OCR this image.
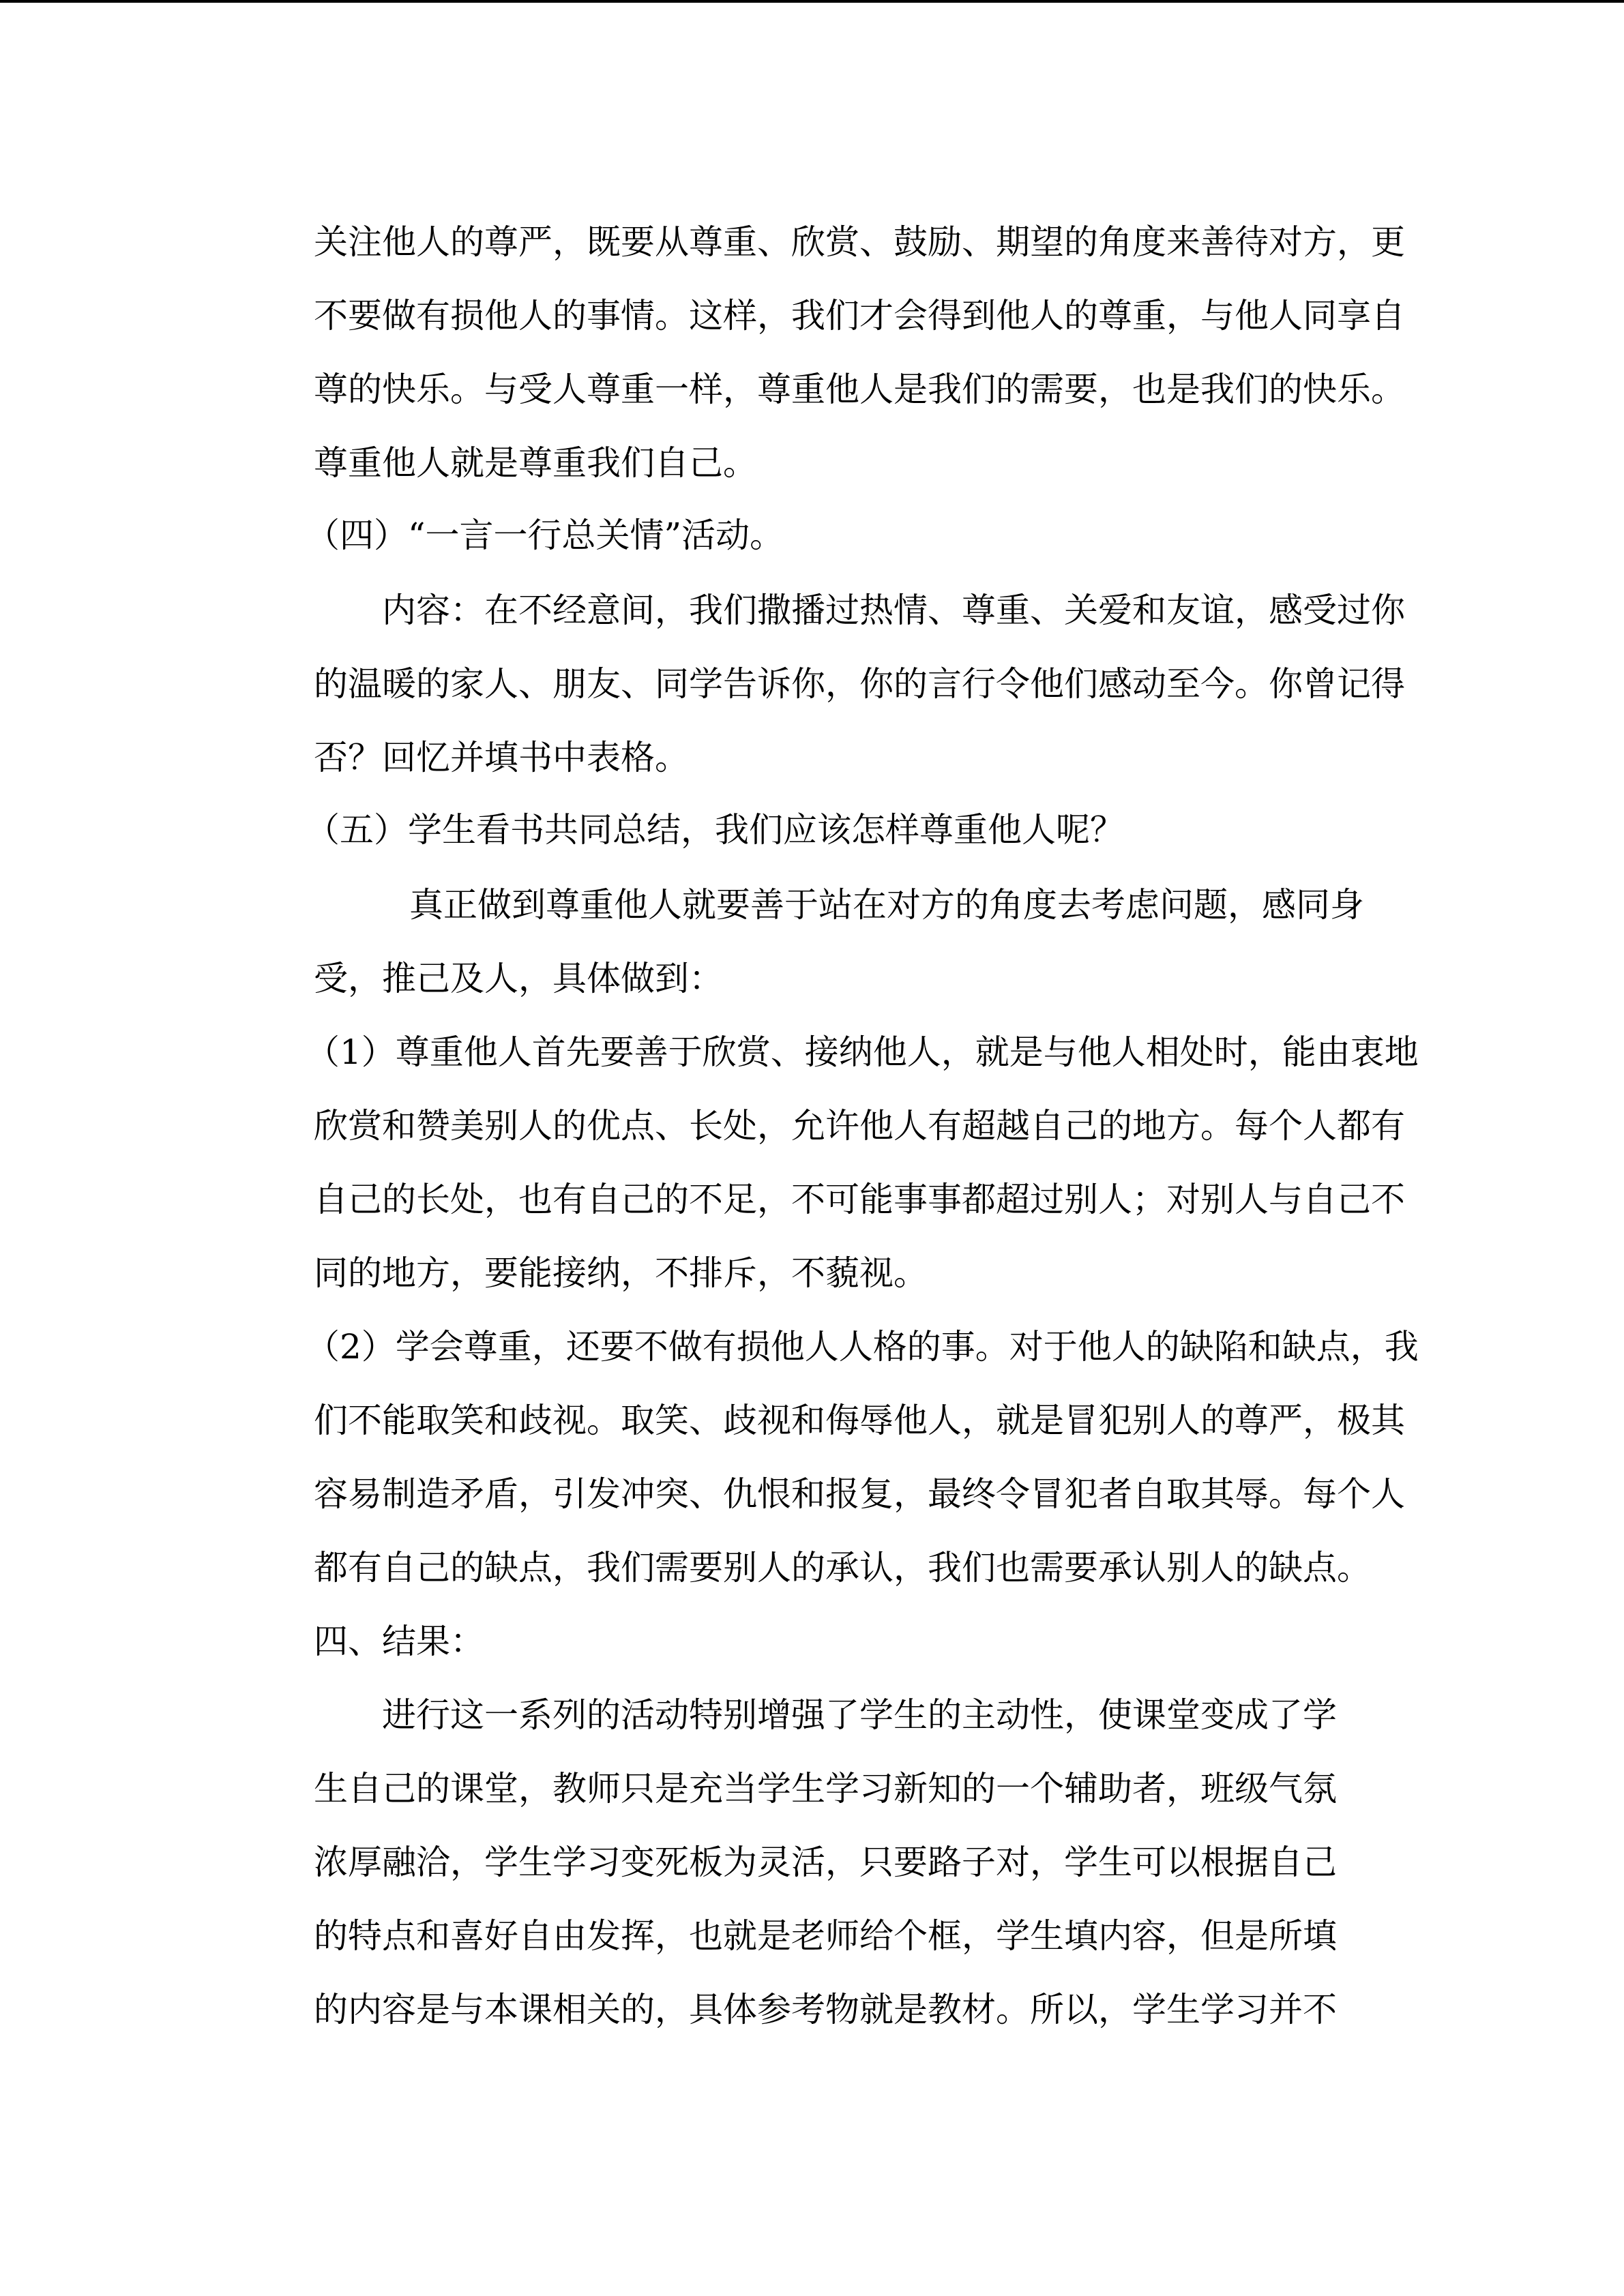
关注他人的尊严，既要从尊重、欣赏、鼓励、期望的角度来善待对方，更
不要做有损他人的事情。这样，我们才会得到他人的尊重，与他人同享自
尊的快乐。与受人尊重一样，尊重他人是我们的需要，也是我们的快乐。
尊重他人就是尊重我们自己。
（四）“一言一行总关情”活动。
内容：在不经意间，我们撒播过热情、尊重、关爱和友谊，感受过你
的温暖的家人、朋友、同学告诉你，你的言行令他们感动至今。你曾记得
否？回忆并填书中表格。
（五）学生看书共同总结，我们应该怎样尊重他人呢？
真正做到尊重他人就要善于站在对方的角度去考虑问题，感同身
受，推己及人，具体做到：
（1）尊重他人首先要善于欣赏、接纳他人，就是与他人相处时，能由衷地
欣赏和赞美别人的优点、长处，允许他人有超越自己的地方。每个人都有
自己的长处，也有自己的不足，不可能事事都超过别人；对别人与自己不
同的地方，要能接纳，不排斥，不藐视。
（2）学会尊重，还要不做有损他人人格的事。对于他人的缺陷和缺点，我
们不能取笑和歧视。取笑、歧视和侮辱他人，就是冒犯别人的尊严，极其
容易制造矛盾，引发冲突、仇恨和报复，最终令冒犯者自取其辱。每个人
都有自己的缺点，我们需要别人的承认，我们也需要承认别人的缺点。
四、结果：
进行这一系列的活动特别增强了学生的主动性，使课堂变成了学
生自己的课堂，教师只是充当学生学习新知的一个辅助者，班级气氛
浓厚融洽，学生学习变死板为灵活，只要路子对，学生可以根据自己
的特点和喜好自由发挥，也就是老师给个框，学生填内容，但是所填
的内容是与本课相关的，具体参考物就是教材。所以，学生学习并不
